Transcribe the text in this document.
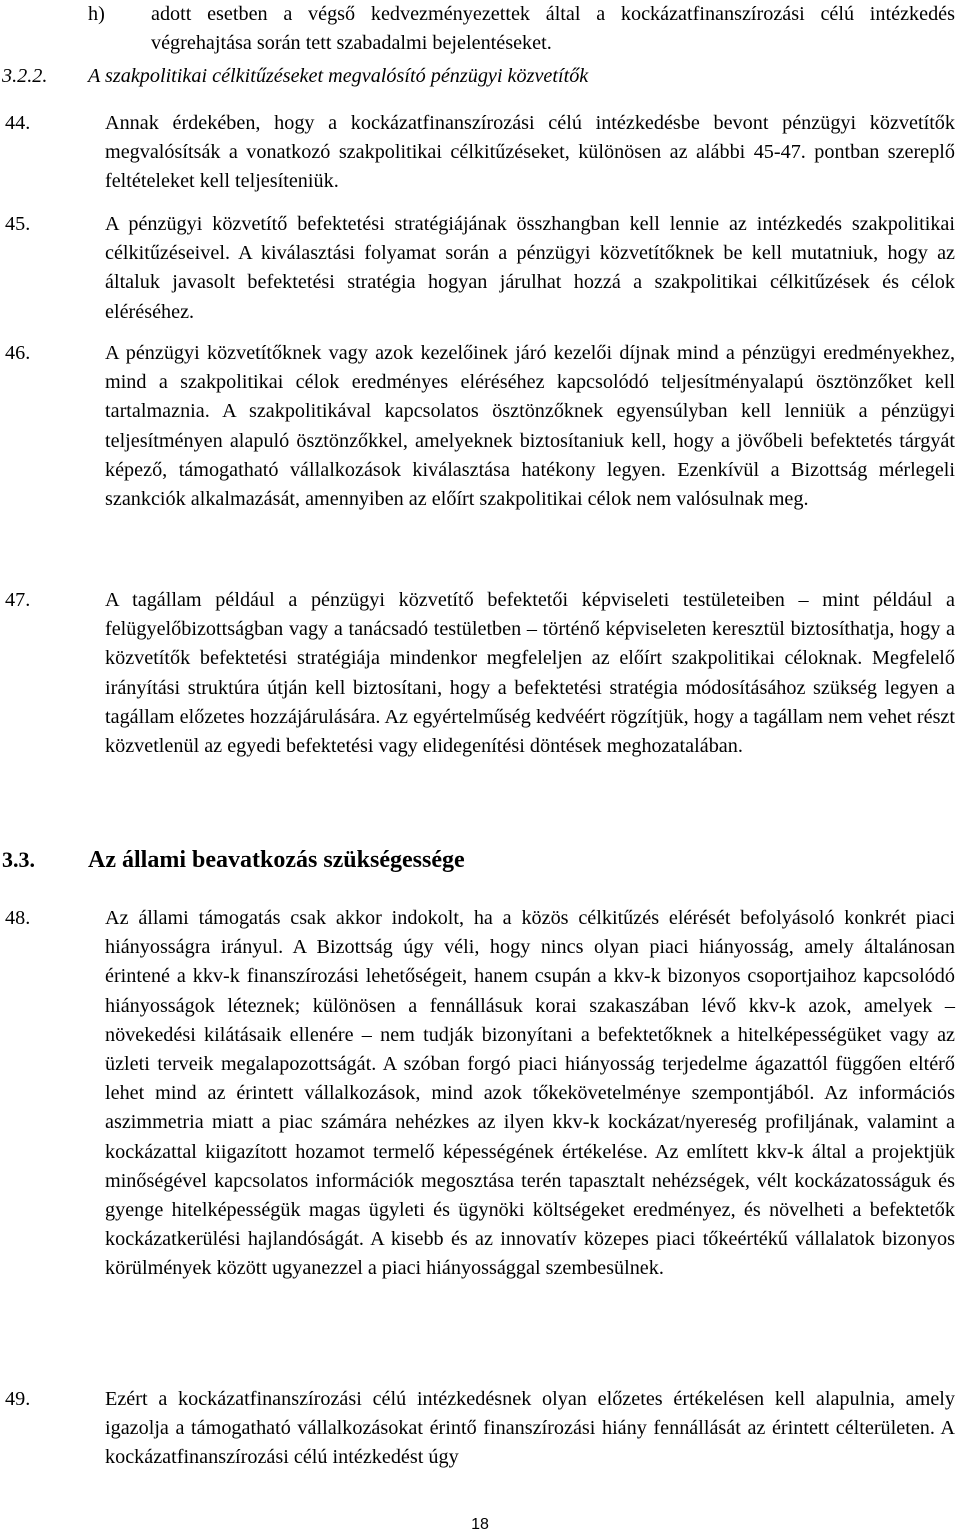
h) adott esetben a végső kedvezményezettek által a kockázatfinanszírozási célú intézkedés végrehajtása során tett szabadalmi bejelentéseket.
3.2.2. A szakpolitikai célkitűzéseket megvalósító pénzügyi közvetítők
44.	Annak érdekében, hogy a kockázatfinanszírozási célú intézkedésbe bevont pénzügyi közvetítők megvalósítsák a vonatkozó szakpolitikai célkitűzéseket, különösen az alábbi 45-47. pontban szereplő feltételeket kell teljesíteniük.
45.	A pénzügyi közvetítő befektetési stratégiájának összhangban kell lennie az intézkedés szakpolitikai célkitűzéseivel. A kiválasztási folyamat során a pénzügyi közvetítőknek be kell mutatniuk, hogy az általuk javasolt befektetési stratégia hogyan járulhat hozzá a szakpolitikai célkitűzések és célok eléréséhez.
46.	A pénzügyi közvetítőknek vagy azok kezelőinek járó kezelői díjnak mind a pénzügyi eredményekhez, mind a szakpolitikai célok eredményes eléréséhez kapcsolódó teljesítményalapú ösztönzőket kell tartalmaznia. A szakpolitikával kapcsolatos ösztönzőknek egyensúlyban kell lenniük a pénzügyi teljesítményen alapuló ösztönzőkkel, amelyeknek biztosítaniuk kell, hogy a jövőbeli befektetés tárgyát képező, támogatható vállalkozások kiválasztása hatékony legyen. Ezenkívül a Bizottság mérlegeli szankciók alkalmazását, amennyiben az előírt szakpolitikai célok nem valósulnak meg.
47.	A tagállam például a pénzügyi közvetítő befektetői képviseleti testületeiben – mint például a felügyelőbizottságban vagy a tanácsadó testületben – történő képviseleten keresztül biztosíthatja, hogy a közvetítők befektetési stratégiája mindenkor megfeleljen az előírt szakpolitikai céloknak. Megfelelő irányítási struktúra útján kell biztosítani, hogy a befektetési stratégia módosításához szükség legyen a tagállam előzetes hozzájárulására. Az egyértelműség kedvéért rögzítjük, hogy a tagállam nem vehet részt közvetlenül az egyedi befektetési vagy elidegenítési döntések meghozatalában.
3.3. Az állami beavatkozás szükségessége
48.	Az állami támogatás csak akkor indokolt, ha a közös célkitűzés elérését befolyásoló konkrét piaci hiányosságra irányul. A Bizottság úgy véli, hogy nincs olyan piaci hiányosság, amely általánosan érintené a kkv-k finanszírozási lehetőségeit, hanem csupán a kkv-k bizonyos csoportjaihoz kapcsolódó hiányosságok léteznek; különösen a fennállásuk korai szakaszában lévő kkv-k azok, amelyek – növekedési kilátásaik ellenére – nem tudják bizonyítani a befektetőknek a hitelképességüket vagy az üzleti terveik megalapozottságát. A szóban forgó piaci hiányosság terjedelme ágazattól függően eltérő lehet mind az érintett vállalkozások, mind azok tőkekövetelménye szempontjából. Az információs aszimmetria miatt a piac számára nehézkes az ilyen kkv-k kockázat/nyereség profiljának, valamint a kockázattal kiigazított hozamot termelő képességének értékelése. Az említett kkv-k által a projektjük minőségével kapcsolatos információk megosztása terén tapasztalt nehézségek, vélt kockázatosságuk és gyenge hitelképességük magas ügyleti és ügynöki költségeket eredményez, és növelheti a befektetők kockázatkerülési hajlandóságát. A kisebb és az innovatív közepes piaci tőkeértékű vállalatok bizonyos körülmények között ugyanezzel a piaci hiányossággal szembesülnek.
49.	Ezért a kockázatfinanszírozási célú intézkedésnek olyan előzetes értékelésen kell alapulnia, amely igazolja a támogatható vállalkozásokat érintő finanszírozási hiány fennállását az érintett célterületen. A kockázatfinanszírozási célú intézkedést úgy
18
